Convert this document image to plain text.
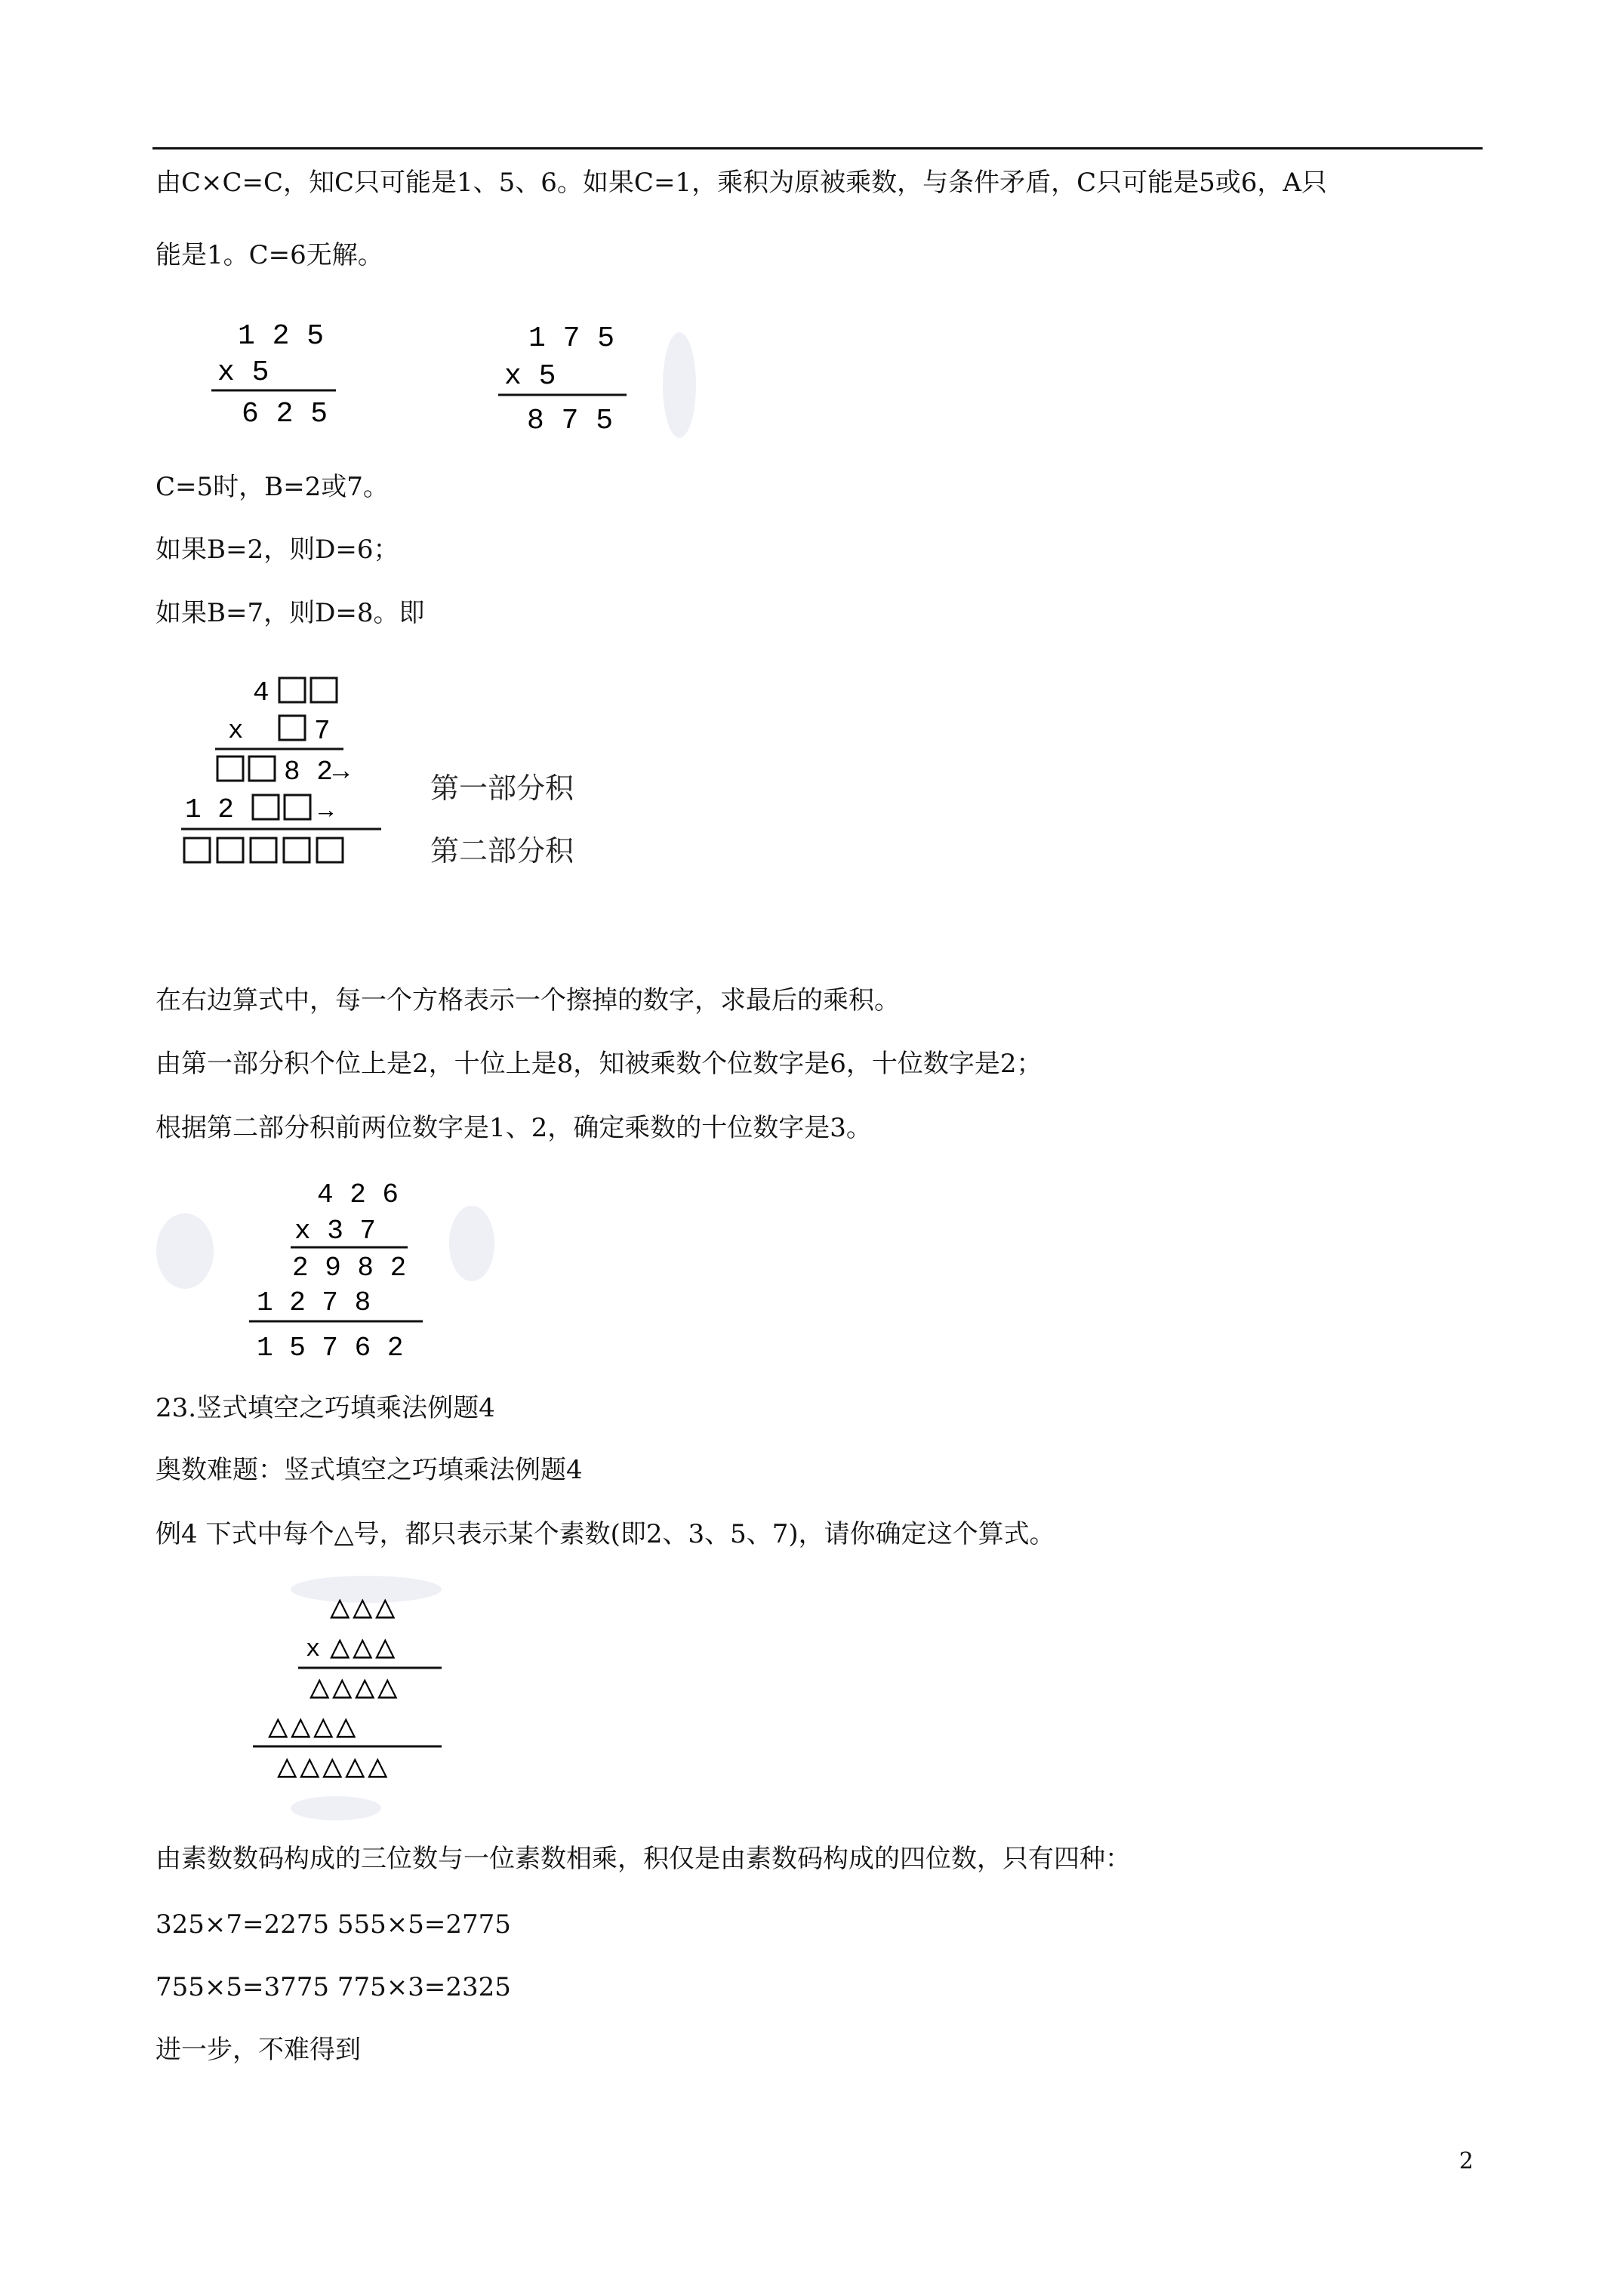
由C×C=C，知C只可能是1、5、6。如果C=1，乘积为原被乘数，与条件矛盾，C只可能是5或6，A只

能是1。C=6无解。

1 2 5
x 5
6 2 5
1 7 5
x 5
8 7 5

C=5时，B=2或7。

如果B=2，则D=6；

如果B=7，则D=8。即

4
x	7
8 2→
1 2	→
第一部分积
第二部分积

在右边算式中，每一个方格表示一个擦掉的数字，求最后的乘积。

由第一部分积个位上是2，十位上是8，知被乘数个位数字是6，十位数字是2；

根据第二部分积前两位数字是1、2，确定乘数的十位数字是3。

4 2 6
x 3 7
2 9 8 2
1 2 7 8
1 5 7 6 2

23.竖式填空之巧填乘法例题4

奥数难题：竖式填空之巧填乘法例题4

例4 下式中每个△号，都只表示某个素数(即2、3、5、7)，请你确定这个算式。

△ △ △
△ △ △
△ △ △ △
△ △ △ △
△ △ △ △ △
x

由素数数码构成的三位数与一位素数相乘，积仅是由素数码构成的四位数，只有四种：

325×7=2275 555×5=2775

755×5=3775 775×3=2325

进一步，不难得到

2
